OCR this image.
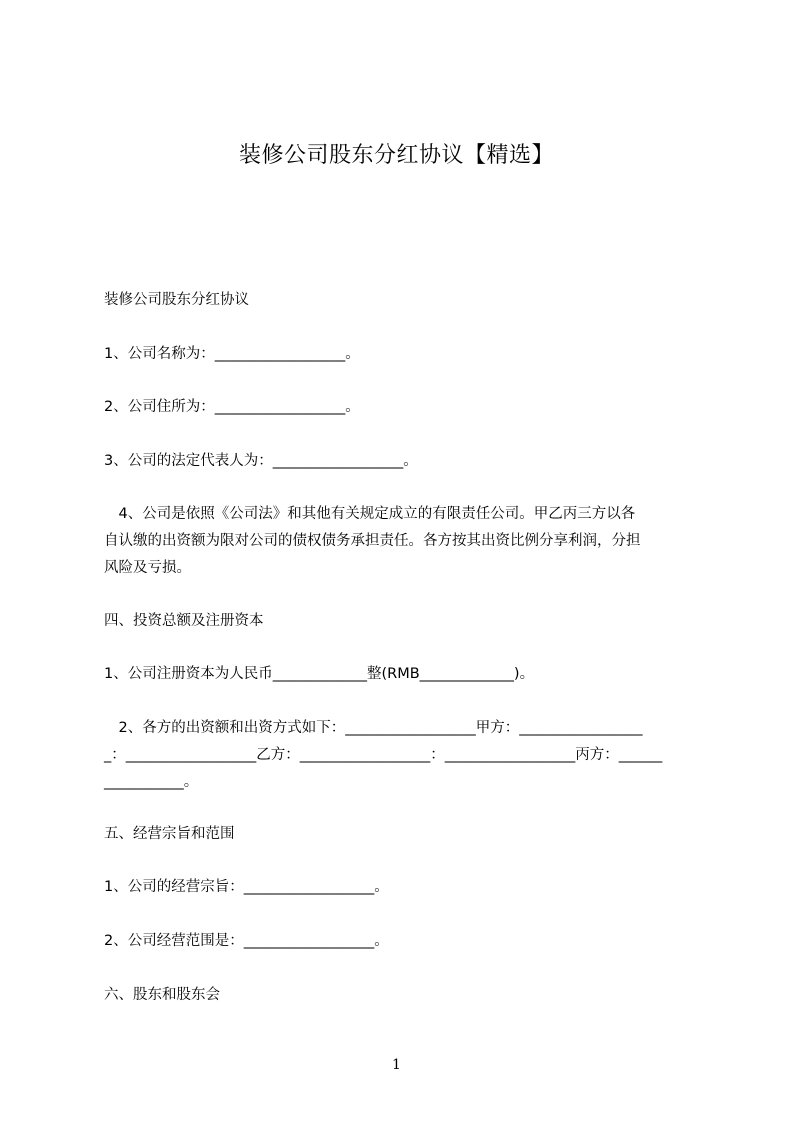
装修公司股东分红协议【精选】
装修公司股东分红协议
1、公司名称为：__________________。
2、公司住所为：__________________。
3、公司的法定代表人为：__________________。
　4、公司是依照《公司法》和其他有关规定成立的有限责任公司。甲乙丙三方以各
自认缴的出资额为限对公司的债权债务承担责任。各方按其出资比例分享利润，分担
风险及亏损。
四、投资总额及注册资本
1、公司注册资本为人民币_____________整(RMB_____________)。
　2、各方的出资额和出资方式如下：__________________甲方：_________________
_：__________________乙方：__________________：__________________丙方：______
___________。
五、经营宗旨和范围
1、公司的经营宗旨：__________________。
2、公司经营范围是：__________________。
六、股东和股东会
1
